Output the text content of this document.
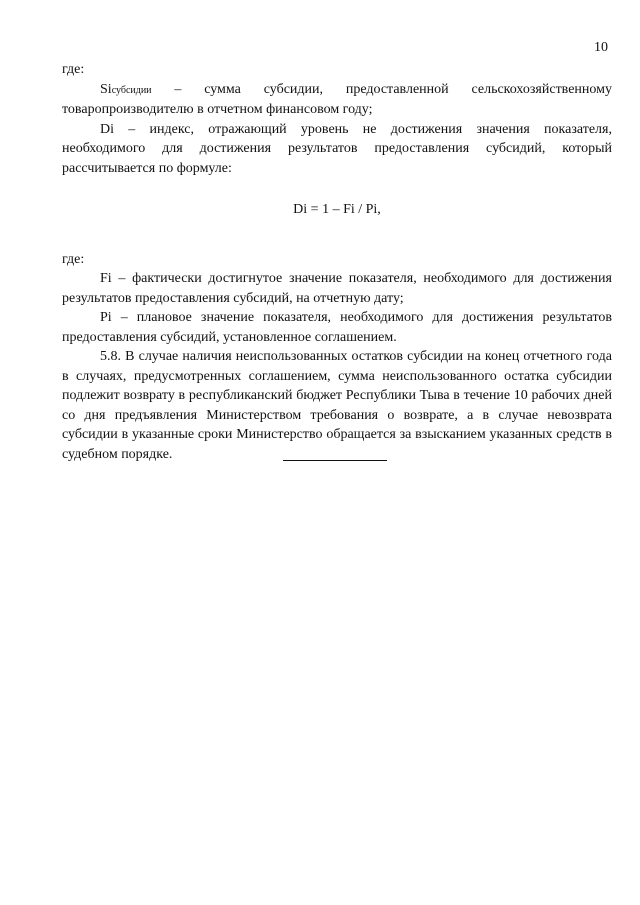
10

где:

Siсубсидии – сумма субсидии, предоставленной сельскохозяйственному товаропроизводителю в отчетном финансовом году;

Di – индекс, отражающий уровень не достижения значения показателя, необходимого для достижения результатов предоставления субсидий, который рассчитывается по формуле:

Di = 1 – Fi / Pi,

где:

Fi – фактически достигнутое значение показателя, необходимого для достижения результатов предоставления субсидий, на отчетную дату;

Pi – плановое значение показателя, необходимого для достижения результатов предоставления субсидий, установленное соглашением.

5.8. В случае наличия неиспользованных остатков субсидии на конец отчетного года в случаях, предусмотренных соглашением, сумма неиспользованного остатка субсидии подлежит возврату в республиканский бюджет Республики Тыва в течение 10 рабочих дней со дня предъявления Министерством требования о возврате, а в случае невозврата субсидии в указанные сроки Министерство обращается за взысканием указанных средств в судебном порядке.
